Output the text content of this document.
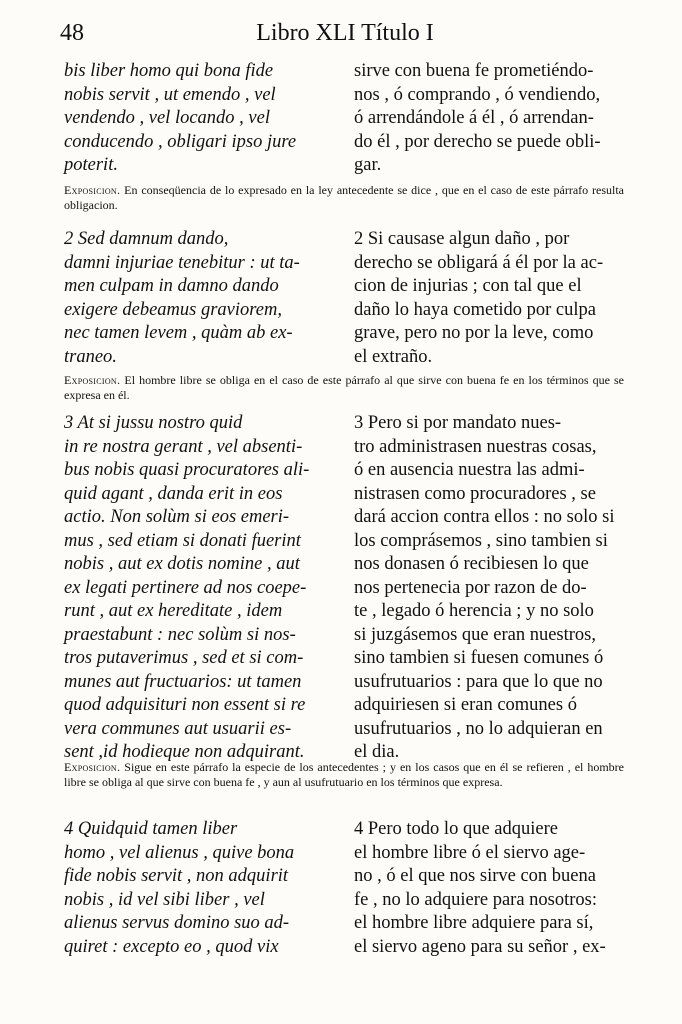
48	Libro XLI Título I
bis liber homo qui bona fide
nobis servit , ut emendo , vel
vendendo , vel locando , vel
conducendo , obligari ipso jure
poterit.
sirve con buena fe prometiéndo-
nos , ó comprando , ó vendiendo,
ó arrendándole á él , ó arrendan-
do él , por derecho se puede obli-
gar.
Exposicion. En conseqüencia de lo expresado en la ley antecedente se dice , que en el caso de este párrafo resulta obligacion.
2 Sed damnum dando,
damni injuriae tenebitur : ut ta-
men culpam in damno dando
exigere debeamus graviorem,
nec tamen levem , quàm ab ex-
traneo.
2 Si causase algun daño , por
derecho se obligará á él por la ac-
cion de injurias ; con tal que el
daño lo haya cometido por culpa
grave, pero no por la leve, como
el extraño.
Exposicion. El hombre libre se obliga en el caso de este párrafo al que sirve con buena fe en los términos que se expresa en él.
3 At si jussu nostro quid
in re nostra gerant , vel absenti-
bus nobis quasi procuratores ali-
quid agant , danda erit in eos
actio. Non solùm si eos emeri-
mus , sed etiam si donati fuerint
nobis , aut ex dotis nomine , aut
ex legati pertinere ad nos coepe-
runt , aut ex hereditate , idem
praestabunt : nec solùm si nos-
tros putaverimus , sed et si com-
munes aut fructuarios: ut tamen
quod adquisituri non essent si re
vera communes aut usuarii es-
sent ,id hodieque non adquirant.
3 Pero si por mandato nues-
tro administrasen nuestras cosas,
ó en ausencia nuestra las admi-
nistrasen como procuradores , se
dará accion contra ellos : no solo si
los comprásemos , sino tambien si
nos donasen ó recibiesen lo que
nos pertenecia por razon de do-
te , legado ó herencia ; y no solo
si juzgásemos que eran nuestros,
sino tambien si fuesen comunes ó
usufrutuarios : para que lo que no
adquiriesen si eran comunes ó
usufrutuarios , no lo adquieran en
el dia.
Exposicion. Sigue en este párrafo la especie de los antecedentes ; y en los casos que en él se refieren , el hombre libre se obliga al que sirve con buena fe , y aun al usufrutuario en los términos que expresa.
4 Quidquid tamen liber
homo , vel alienus , quive bona
fide nobis servit , non adquirit
nobis , id vel sibi liber , vel
alienus servus domino suo ad-
quiret : excepto eo , quod vix
4 Pero todo lo que adquiere
el hombre libre ó el siervo age-
no , ó el que nos sirve con buena
fe , no lo adquiere para nosotros:
el hombre libre adquiere para sí,
el siervo ageno para su señor , ex-
